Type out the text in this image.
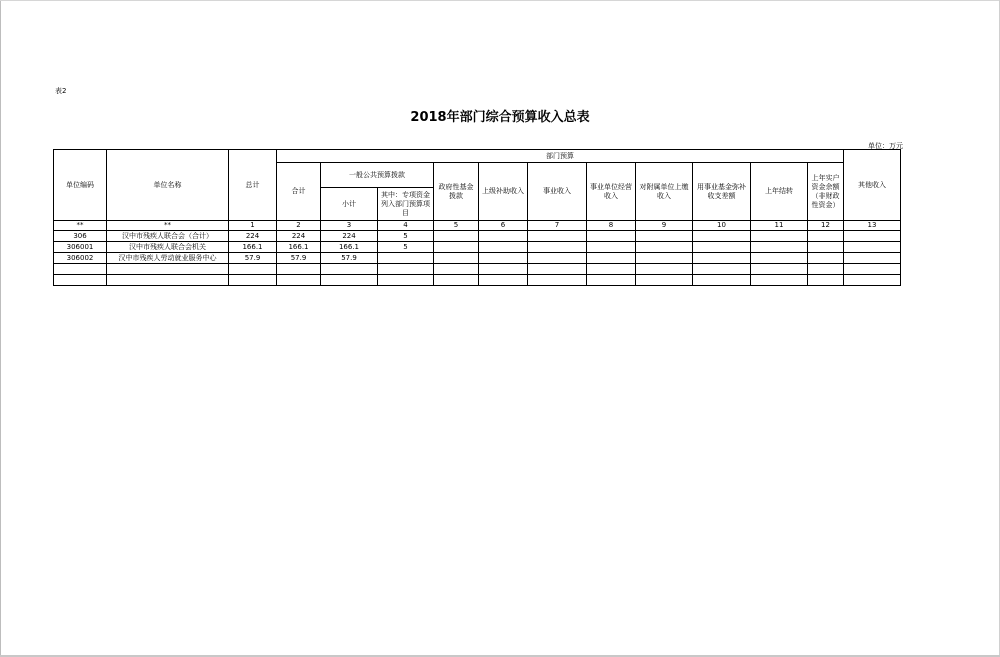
表2
2018年部门综合预算收入总表
单位：万元
单位编码	单位名称	总计	部门预算											其他收入
			合计	一般公共预算拨款		政府性基金拨款	上级补助收入	事业收入	事业单位经营收入	对附属单位上缴收入	用事业基金弥补收支差额	上年结转	上年实户资金余额（非财政性资金）	
				小计	其中：专项资金列入部门预算项目									
**	**	1	2	3	4	5	6	7	8	9	10	11	12	13
306	汉中市残疾人联合会（合计）	224	224	224	5									
306001	汉中市残疾人联合会机关	166.1	166.1	166.1	5									
306002	汉中市残疾人劳动就业服务中心	57.9	57.9	57.9										
